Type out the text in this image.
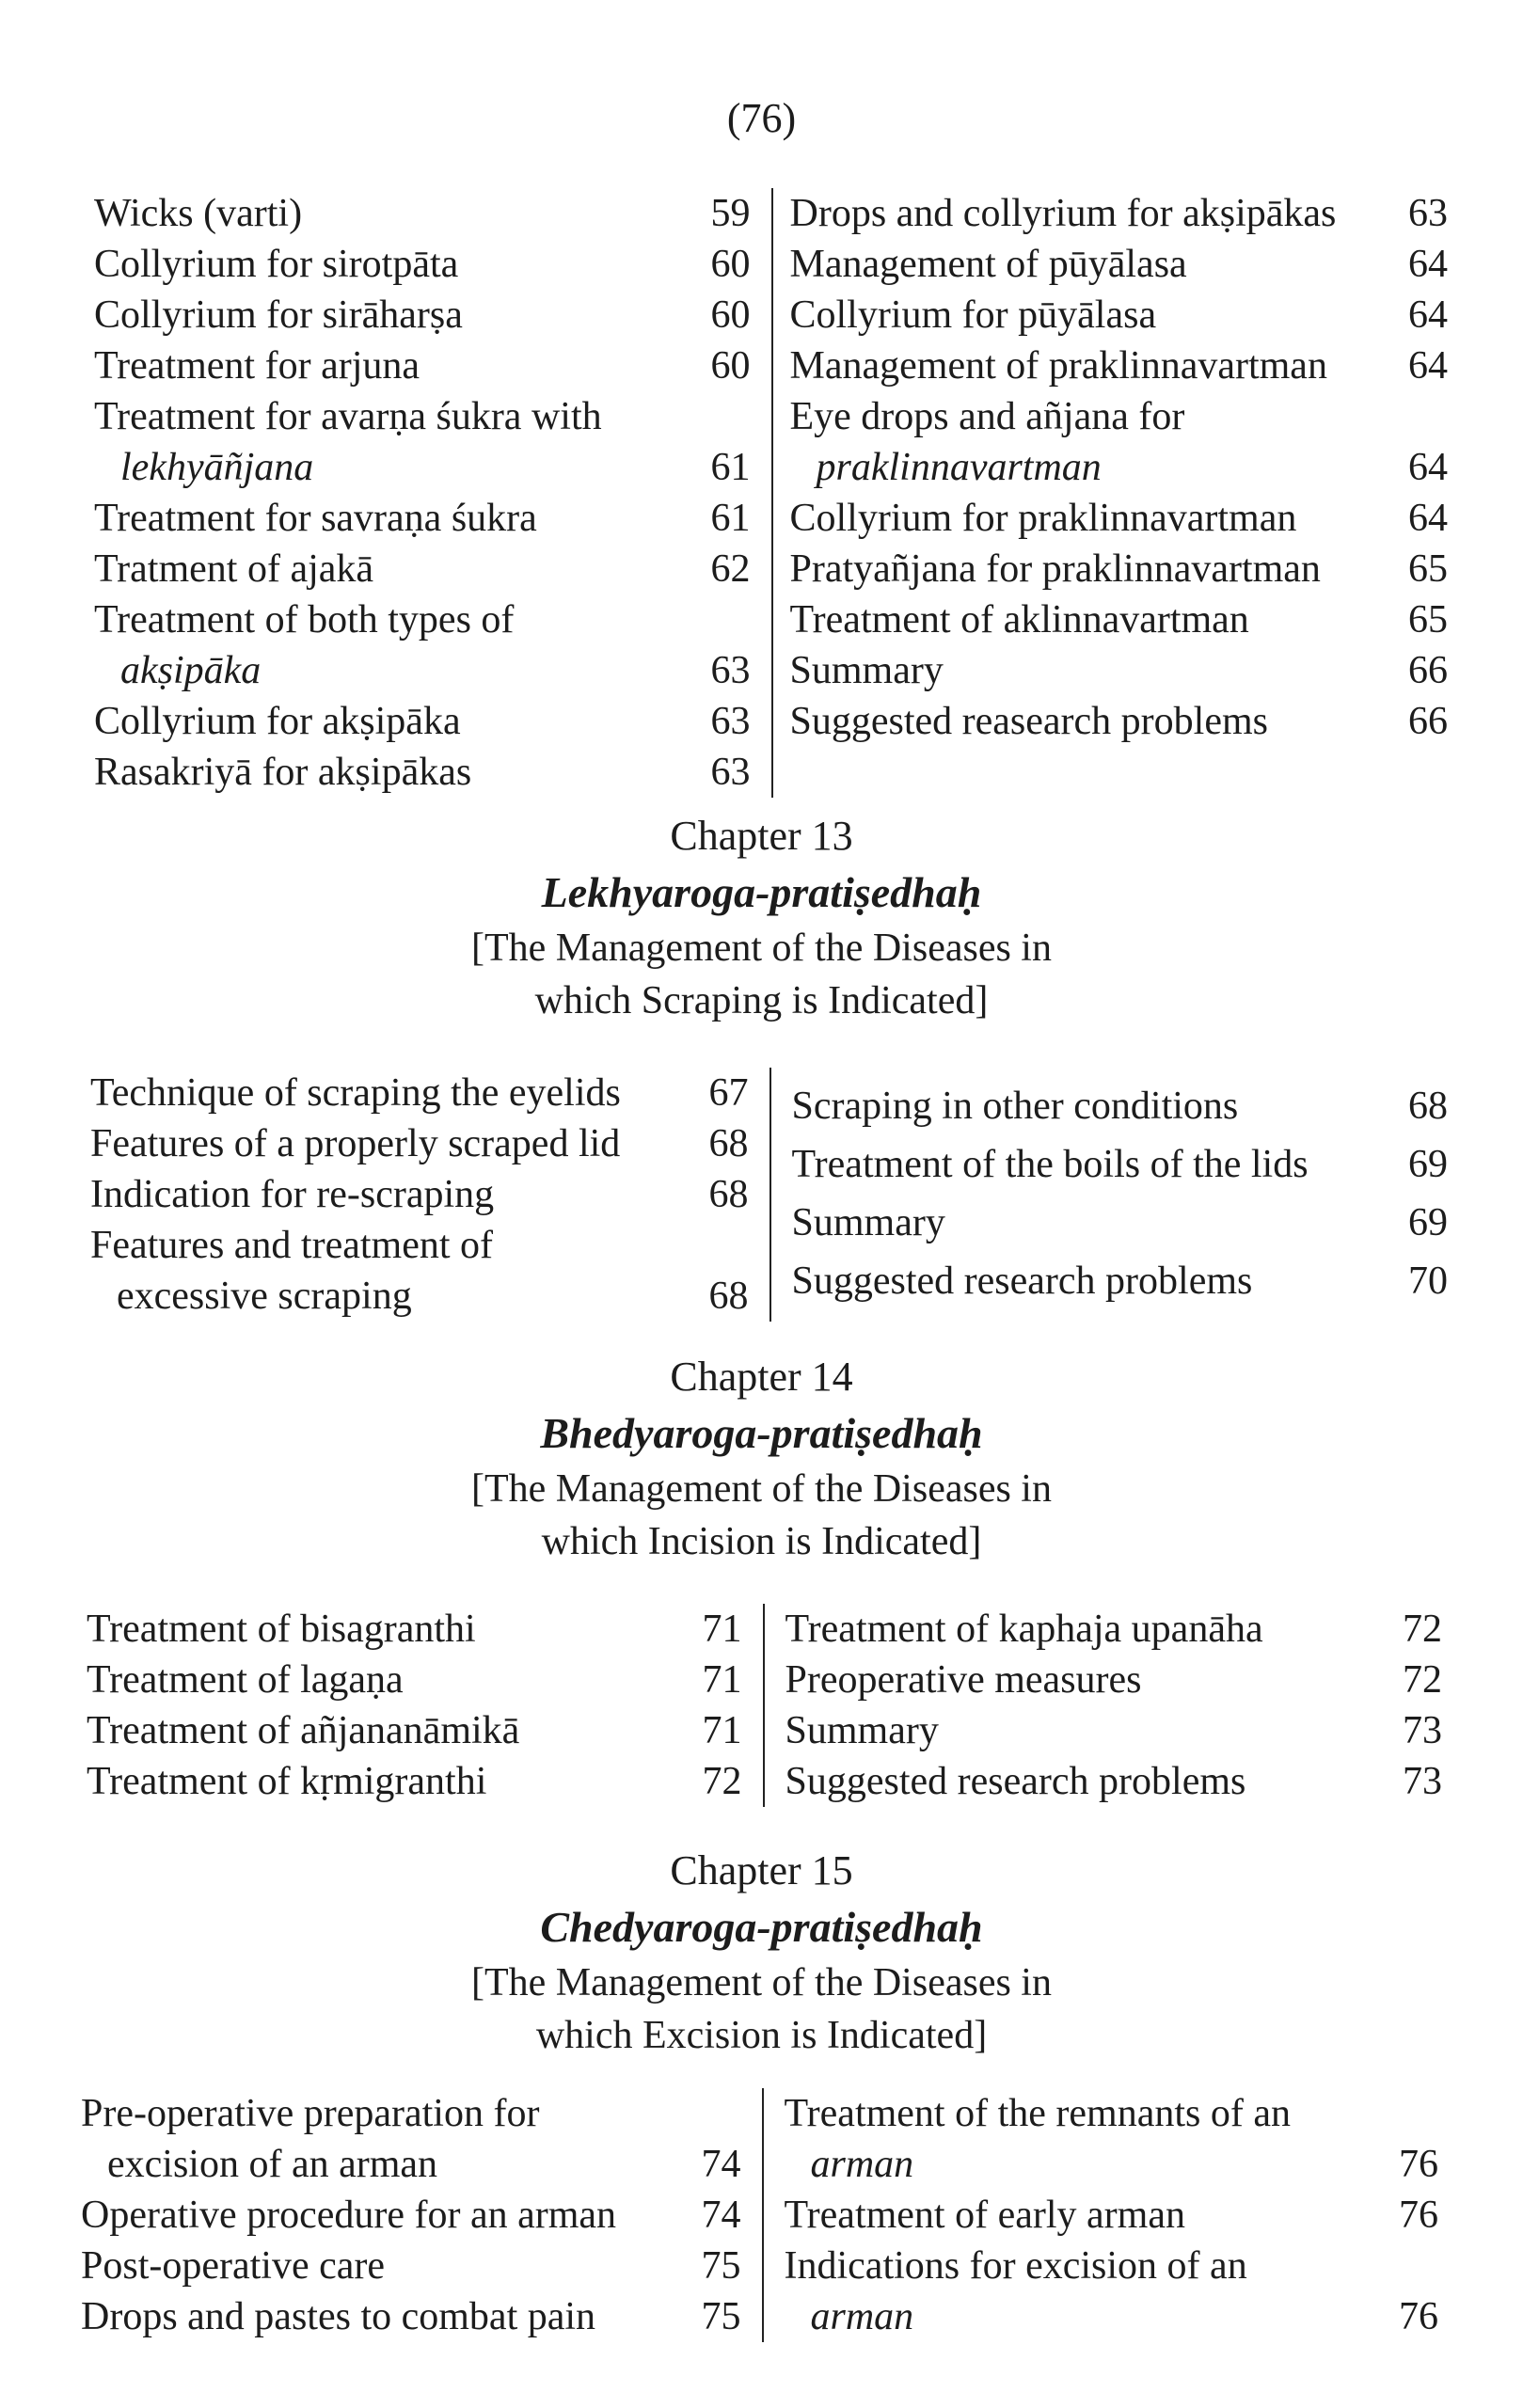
(76)
Wicks (varti)	59
Collyrium for sirotpāta	60
Collyrium for sirāharṣa	60
Treatment for arjuna	60
Treatment for avarṇa śukra with
lekhyāñjana	61
Treatment for savraṇa śukra	61
Tratment of ajakā	62
Treatment of both types of
akṣipāka	63
Collyrium for akṣipāka	63
Rasakriyā for akṣipākas	63
Drops and collyrium for akṣipākas	63
Management of pūyālasa	64
Collyrium for pūyālasa	64
Management of praklinnavartman	64
Eye drops and añjana for
praklinnavartman	64
Collyrium for praklinnavartman	64
Pratyañjana for praklinnavartman	65
Treatment of aklinnavartman	65
Summary	66
Suggested reasearch problems	66
Chapter 13
Lekhyaroga-pratiṣedhaḥ
[The Management of the Diseases in
which Scraping is Indicated]
Technique of scraping the eyelids	67
Features of a properly scraped lid	68
Indication for re-scraping	68
Features and treatment of
excessive scraping	68
Scraping in other conditions	68
Treatment of the boils of the lids	69
Summary	69
Suggested research problems	70
Chapter 14
Bhedyaroga-pratiṣedhaḥ
[The Management of the Diseases in
which Incision is Indicated]
Treatment of bisagranthi	71
Treatment of lagaṇa	71
Treatment of añjananāmikā	71
Treatment of kṛmigranthi	72
Treatment of kaphaja upanāha	72
Preoperative measures	72
Summary	73
Suggested research problems	73
Chapter 15
Chedyaroga-pratiṣedhaḥ
[The Management of the Diseases in
which Excision is Indicated]
Pre-operative preparation for
excision of an arman	74
Operative procedure for an arman	74
Post-operative care	75
Drops and pastes to combat pain	75
Treatment of the remnants of an
arman	76
Treatment of early arman	76
Indications for excision of an
arman	76
